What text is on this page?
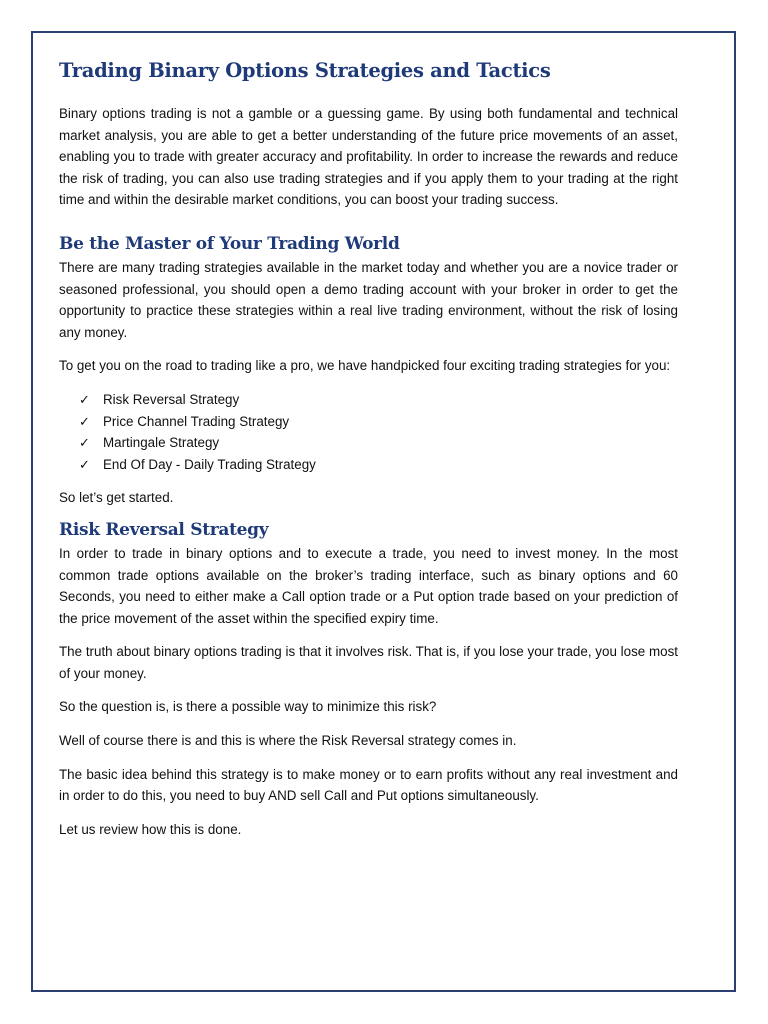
Trading Binary Options Strategies and Tactics

Binary options trading is not a gamble or a guessing game. By using both fundamental and technical market analysis, you are able to get a better understanding of the future price movements of an asset, enabling you to trade with greater accuracy and profitability. In order to increase the rewards and reduce the risk of trading, you can also use trading strategies and if you apply them to your trading at the right time and within the desirable market conditions, you can boost your trading success.

Be the Master of Your Trading World

There are many trading strategies available in the market today and whether you are a novice trader or seasoned professional, you should open a demo trading account with your broker in order to get the opportunity to practice these strategies within a real live trading environment, without the risk of losing any money.

To get you on the road to trading like a pro, we have handpicked four exciting trading strategies for you:

✓ Risk Reversal Strategy
✓ Price Channel Trading Strategy
✓ Martingale Strategy
✓ End Of Day - Daily Trading Strategy

So let’s get started.

Risk Reversal Strategy

In order to trade in binary options and to execute a trade, you need to invest money. In the most common trade options available on the broker’s trading interface, such as binary options and 60 Seconds, you need to either make a Call option trade or a Put option trade based on your prediction of the price movement of the asset within the specified expiry time.

The truth about binary options trading is that it involves risk. That is, if you lose your trade, you lose most of your money.

So the question is, is there a possible way to minimize this risk?

Well of course there is and this is where the Risk Reversal strategy comes in.

The basic idea behind this strategy is to make money or to earn profits without any real investment and in order to do this, you need to buy AND sell Call and Put options simultaneously.

Let us review how this is done.
